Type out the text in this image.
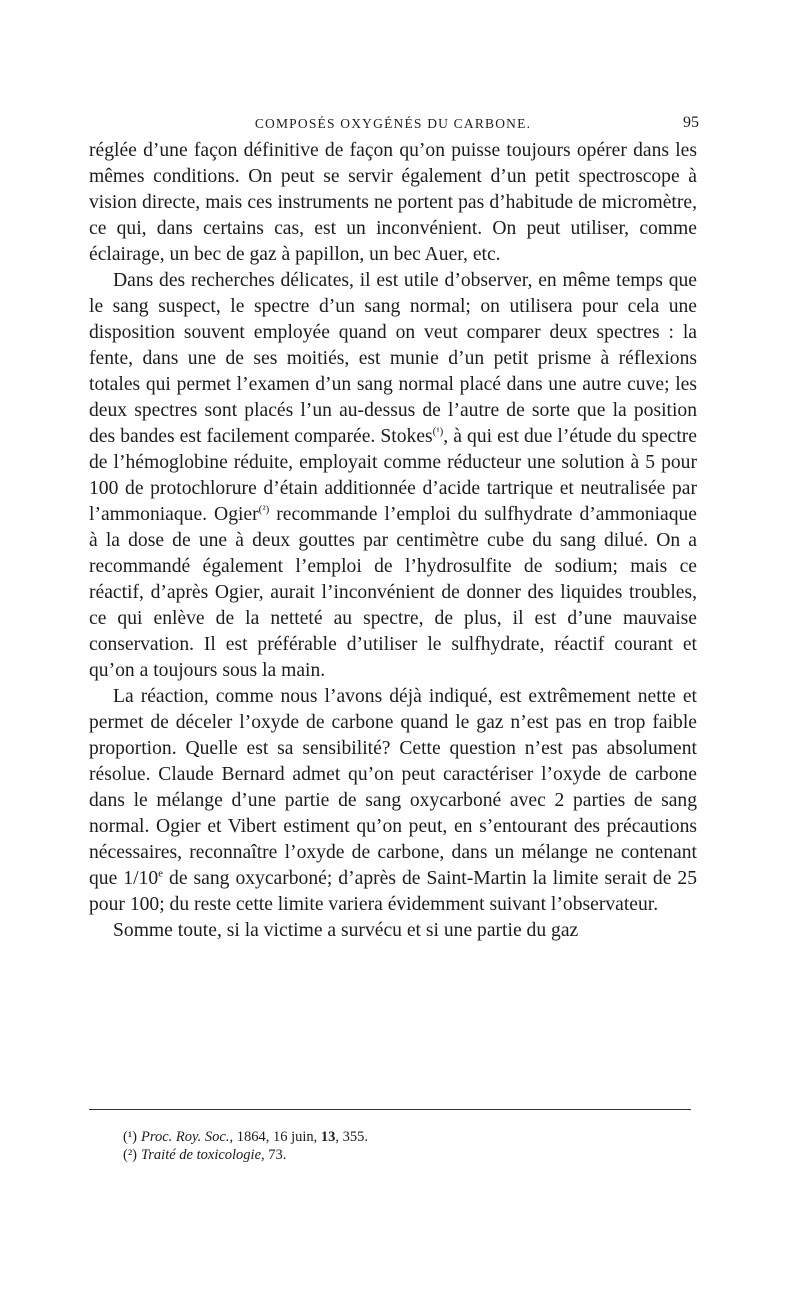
COMPOSÉS OXYGÉNÉS DU CARBONE.	95

réglée d’une façon définitive de façon qu’on puisse toujours opérer dans les mêmes conditions. On peut se servir également d’un petit spectroscope à vision directe, mais ces instruments ne portent pas d’habitude de micromètre, ce qui, dans certains cas, est un inconvénient. On peut utiliser, comme éclairage, un bec de gaz à papillon, un bec Auer, etc.

Dans des recherches délicates, il est utile d’observer, en même temps que le sang suspect, le spectre d’un sang normal; on utilisera pour cela une disposition souvent employée quand on veut comparer deux spectres : la fente, dans une de ses moitiés, est munie d’un petit prisme à réflexions totales qui permet l’examen d’un sang normal placé dans une autre cuve; les deux spectres sont placés l’un au-dessus de l’autre de sorte que la position des bandes est facilement comparée. Stokes$^{(^1)}$, à qui est due l’étude du spectre de l’hémoglobine réduite, employait comme réducteur une solution à 5 pour 100 de protochlorure d’étain additionnée d’acide tartrique et neutralisée par l’ammoniaque. Ogier$^{(^2)}$ recommande l’emploi du sulfhydrate d’ammoniaque à la dose de une à deux gouttes par centimètre cube du sang dilué. On a recommandé également l’emploi de l’hydrosulfite de sodium; mais ce réactif, d’après Ogier, aurait l’inconvénient de donner des liquides troubles, ce qui enlève de la netteté au spectre, de plus, il est d’une mauvaise conservation. Il est préférable d’utiliser le sulfhydrate, réactif courant et qu’on a toujours sous la main.

La réaction, comme nous l’avons déjà indiqué, est extrêmement nette et permet de déceler l’oxyde de carbone quand le gaz n’est pas en trop faible proportion. Quelle est sa sensibilité? Cette question n’est pas absolument résolue. Claude Bernard admet qu’on peut caractériser l’oxyde de carbone dans le mélange d’une partie de sang oxycarboné avec 2 parties de sang normal. Ogier et Vibert estiment qu’on peut, en s’entourant des précautions nécessaires, reconnaître l’oxyde de carbone, dans un mélange ne contenant que 1/10e de sang oxycarboné; d’après de Saint-Martin la limite serait de 25 pour 100; du reste cette limite variera évidemment suivant l’observateur.

Somme toute, si la victime a survécu et si une partie du gaz

(¹) Proc. Roy. Soc., 1864, 16 juin, 13, 355.
(²) Traité de toxicologie, 73.
